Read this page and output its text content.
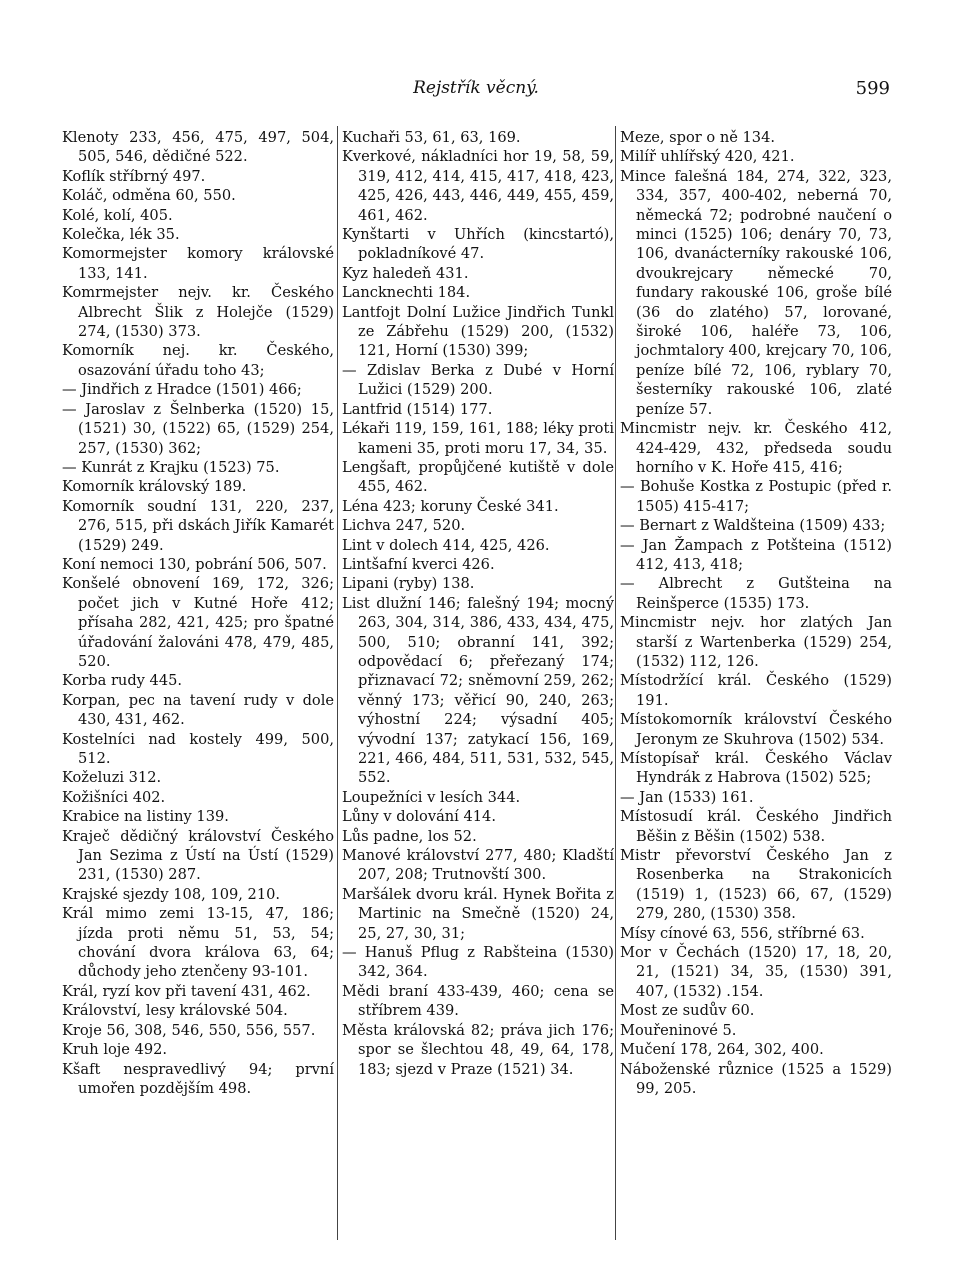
Rejstřík věcný.	599

Klenoty 233, 456, 475, 497, 504, 505, 546, dědičné 522.

Koflík stříbrný 497.

Koláč, odměna 60, 550.

Kolé, kolí, 405.

Kolečka, lék 35.

Komormejster komory královské 133, 141.

Komrmejster nejv. kr. Českého Albrecht Šlik z Holejče (1529) 274, (1530) 373.

Komorník nej. kr. Českého, osazování úřadu toho 43;

— Jindřich z Hradce (1501) 466;

— Jaroslav z Šelnberka (1520) 15, (1521) 30, (1522) 65, (1529) 254, 257, (1530) 362;

— Kunrát z Krajku (1523) 75.

Komorník královský 189.

Komorník soudní 131, 220, 237, 276, 515, při dskách Jiřík Kamarét (1529) 249.

Koní nemoci 130, pobrání 506, 507.

Konšelé obnovení 169, 172, 326; počet jich v Kutné Hoře 412; přísaha 282, 421, 425; pro špatné úřadování žalováni 478, 479, 485, 520.

Korba rudy 445.

Korpan, pec na tavení rudy v dole 430, 431, 462.

Kostelníci nad kostely 499, 500, 512.

Koželuzi 312.

Kožišníci 402.

Krabice na listiny 139.

Kraječ dědičný království Českého Jan Sezima z Ústí na Ústí (1529) 231, (1530) 287.

Krajské sjezdy 108, 109, 210.

Král mimo zemi 13-15, 47, 186; jízda proti němu 51, 53, 54; chování dvora králova 63, 64; důchody jeho ztenčeny 93-101.

Král, ryzí kov při tavení 431, 462.

Království, lesy královské 504.

Kroje 56, 308, 546, 550, 556, 557.

Kruh loje 492.

Kšaft nespravedlivý 94; první umořen pozdějším 498.

Kuchaři 53, 61, 63, 169.

Kverkové, nákladníci hor 19, 58, 59, 319, 412, 414, 415, 417, 418, 423, 425, 426, 443, 446, 449, 455, 459, 461, 462.

Kynštarti v Uhřích (kincstartó), pokladníkové 47.

Kyz haledeň 431.

Lancknechti 184.

Lantfojt Dolní Lužice Jindřich Tunkl ze Zábřehu (1529) 200, (1532) 121, Horní (1530) 399;

— Zdislav Berka z Dubé v Horní Lužici (1529) 200.

Lantfrid (1514) 177.

Lékaři 119, 159, 161, 188; léky proti kameni 35, proti moru 17, 34, 35.

Lengšaft, propůjčené kutiště v dole 455, 462.

Léna 423; koruny České 341.

Lichva 247, 520.

Lint v dolech 414, 425, 426.

Lintšafní kverci 426.

Lipani (ryby) 138.

List dlužní 146; falešný 194; mocný 263, 304, 314, 386, 433, 434, 475, 500, 510; obranní 141, 392; odpovědací 6; přeřezaný 174; přiznavací 72; sněmovní 259, 262; věnný 173; věřicí 90, 240, 263; výhostní 224; výsadní 405; vývodní 137; zatykací 156, 169, 221, 466, 484, 511, 531, 532, 545, 552.

Loupežníci v lesích 344.

Lůny v dolování 414.

Lůs padne, los 52.

Manové království 277, 480; Kladští 207, 208; Trutnovští 300.

Maršálek dvoru král. Hynek Bořita z Martinic na Smečně (1520) 24, 25, 27, 30, 31;

— Hanuš Pflug z Rabšteina (1530) 342, 364.

Mědi braní 433-439, 460; cena se stříbrem 439.

Města královská 82; práva jich 176; spor se šlechtou 48, 49, 64, 178, 183; sjezd v Praze (1521) 34.

Meze, spor o ně 134.

Milíř uhlířský 420, 421.

Mince falešná 184, 274, 322, 323, 334, 357, 400-402, neberná 70, německá 72; podrobné naučení o minci (1525) 106; denáry 70, 73, 106, dvanácterníky rakouské 106, dvoukrejcary německé 70, fundary rakouské 106, groše bílé (36 do zlatého) 57, lorované, široké 106, haléře 73, 106, jochmtalory 400, krejcary 70, 106, peníze bílé 72, 106, ryblary 70, šesterníky rakouské 106, zlaté peníze 57.

Mincmistr nejv. kr. Českého 412, 424-429, 432, předseda soudu horního v K. Hoře 415, 416;

— Bohuše Kostka z Postupic (před r. 1505) 415-417;

— Bernart z Waldšteina (1509) 433;

— Jan Žampach z Potšteina (1512) 412, 413, 418;

— Albrecht z Gutšteina na Reinšperce (1535) 173.

Mincmistr nejv. hor zlatých Jan starší z Wartenberka (1529) 254, (1532) 112, 126.

Místodržící král. Českého (1529) 191.

Místokomorník království Českého Jeronym ze Skuhrova (1502) 534.

Místopísař král. Českého Václav Hyndrák z Habrova (1502) 525;

— Jan (1533) 161.

Místosudí král. Českého Jindřich Běšin z Běšin (1502) 538.

Mistr převorství Českého Jan z Rosenberka na Strakonicích (1519) 1, (1523) 66, 67, (1529) 279, 280, (1530) 358.

Mísy cínové 63, 556, stříbrné 63.

Mor v Čechách (1520) 17, 18, 20, 21, (1521) 34, 35, (1530) 391, 407, (1532) .154.

Most ze sudův 60.

Mouřeninové 5.

Mučení 178, 264, 302, 400.

Náboženské různice (1525 a 1529) 99, 205.
